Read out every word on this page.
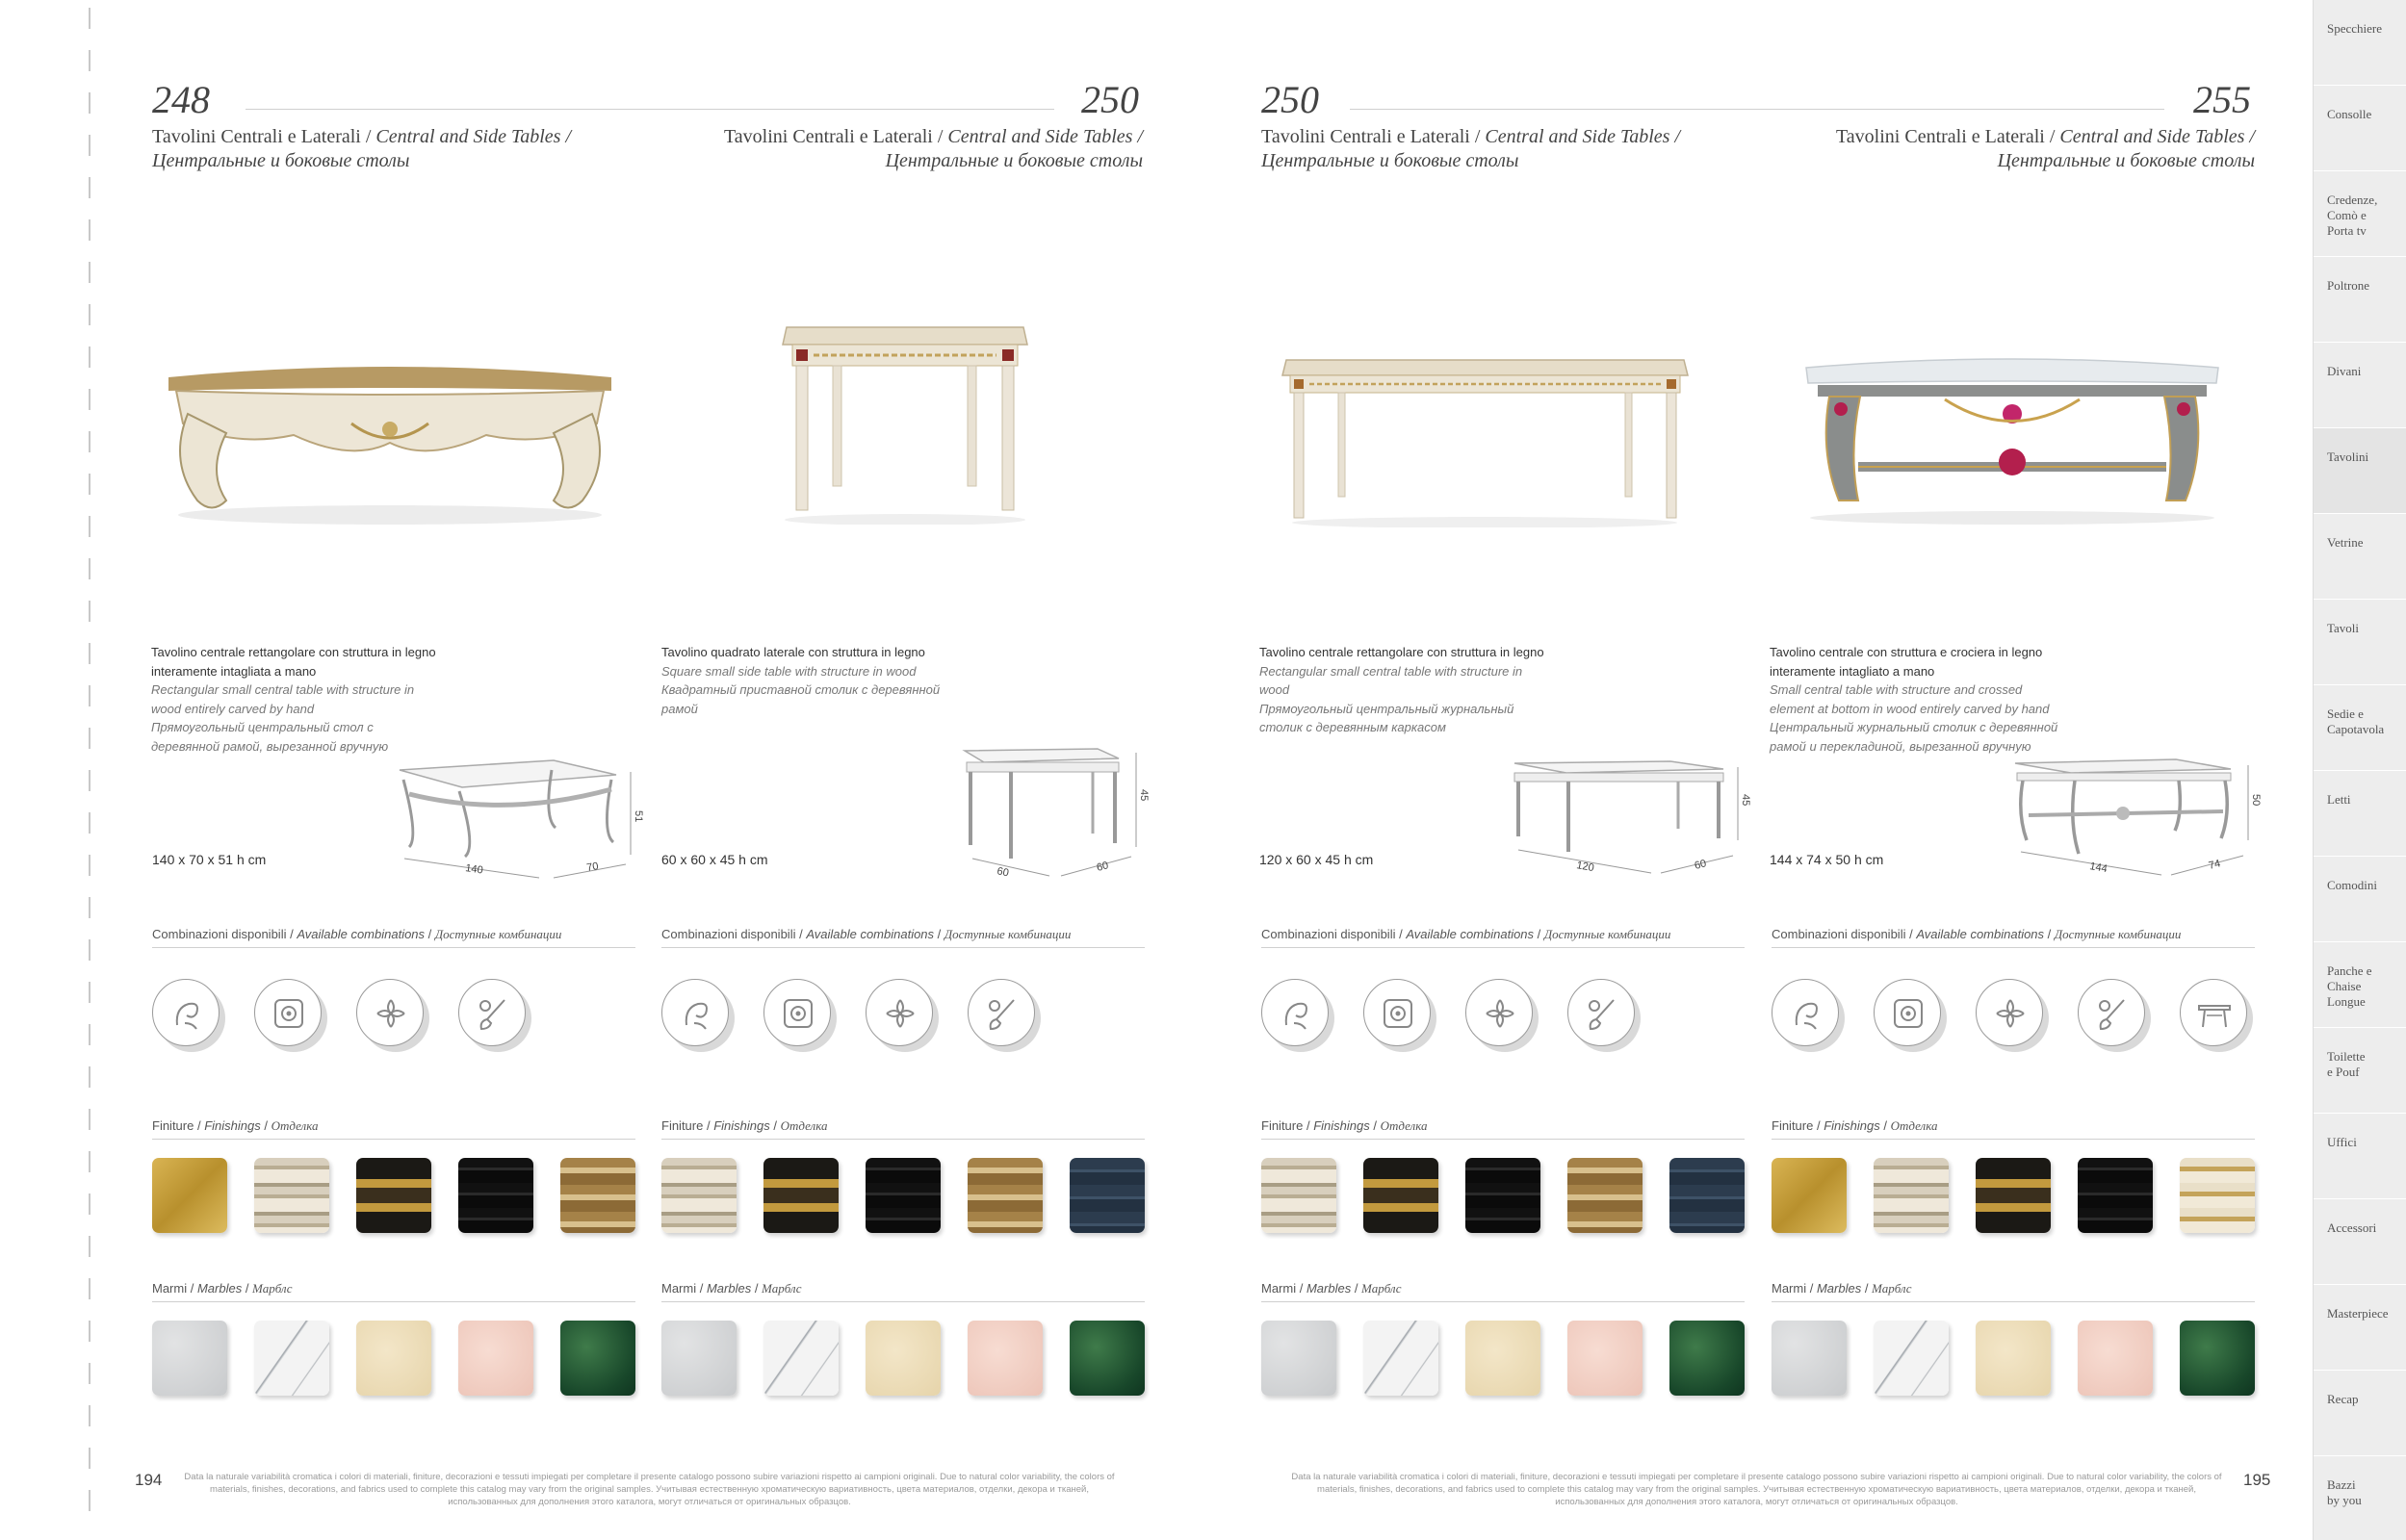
248	250
Tavolini Centrali e Laterali / Central and Side Tables /
Центральные и боковые столы
Tavolini Centrali e Laterali / Central and Side Tables /
Центральные и боковые столы
194	Data la naturale variabilità cromatica i colori di materiali, finiture, decorazioni e tessuti impiegati per completare il presente catalogo possono subire variazioni rispetto ai campioni originali. Due to natural color variability, the colors of materials, finishes, decorations, and fabrics used to complete this catalog may vary from the original samples. Учитывая естественную хроматическую вариативность, цвета материалов, отделки, декора и тканей, использованных для дополнения этого каталога, могут отличаться от оригинальных образцов.
250	255
Tavolini Centrali e Laterali / Central and Side Tables /
Центральные и боковые столы
Tavolini Centrali e Laterali / Central and Side Tables /
Центральные и боковые столы
195
Data la naturale variabilità cromatica i colori di materiali, finiture, decorazioni e tessuti impiegati per completare il presente catalogo possono subire variazioni rispetto ai campioni originali. Due to natural color variability, the colors of materials, finishes, decorations, and fabrics used to complete this catalog may vary from the original samples. Учитывая естественную хроматическую вариативность, цвета материалов, отделки, декора и тканей, использованных для дополнения этого каталога, могут отличаться от оригинальных образцов.
Tavolino centrale rettangolare con struttura in legno interamente intagliata a mano
Rectangular small central table with structure in wood entirely carved by hand
Прямоугольный центральный стол с деревянной рамой, вырезанной вручную
140 x 70 x 51 h cm
51
140	70
Tavolino quadrato laterale con struttura in legno
Square small side table with structure in wood
Квадратный приставной столик с деревянной рамой
60 x 60 x 45 h cm
45
60	60
Tavolino centrale rettangolare con struttura in legno
Rectangular small central table with structure in wood
Прямоугольный центральный журнальный столик с деревянным каркасом
120 x 60 x 45 h cm
45
120	60
Tavolino centrale con struttura e crociera in legno interamente intagliato a mano
Small central table with structure and crossed element at bottom in wood entirely carved by hand
Центральный журнальный столик с деревянной рамой и перекладиной, вырезанной вручную
144 x 74 x 50 h cm
50
144	74
Combinazioni disponibili / Available combinations / Доступные комбинации
Finiture / Finishings / Отделка
Marmi / Marbles / Марблс
Combinazioni disponibili / Available combinations / Доступные комбинации
Finiture / Finishings / Отделка
Marmi / Marbles / Марблс
Combinazioni disponibili / Available combinations / Доступные комбинации
Finiture / Finishings / Отделка
Marmi / Marbles / Марблс
Combinazioni disponibili / Available combinations / Доступные комбинации
Finiture / Finishings / Отделка
Marmi / Marbles / Марблс
Specchiere
Consolle
Credenze,
Comò e
Porta tv
Poltrone
Divani
Tavolini
Vetrine
Tavoli
Sedie e
Capotavola
Letti
Comodini
Panche e
Chaise
Longue
Toilette
e Pouf
Uffici
Accessori
Masterpiece
Recap
Bazzi
by you
